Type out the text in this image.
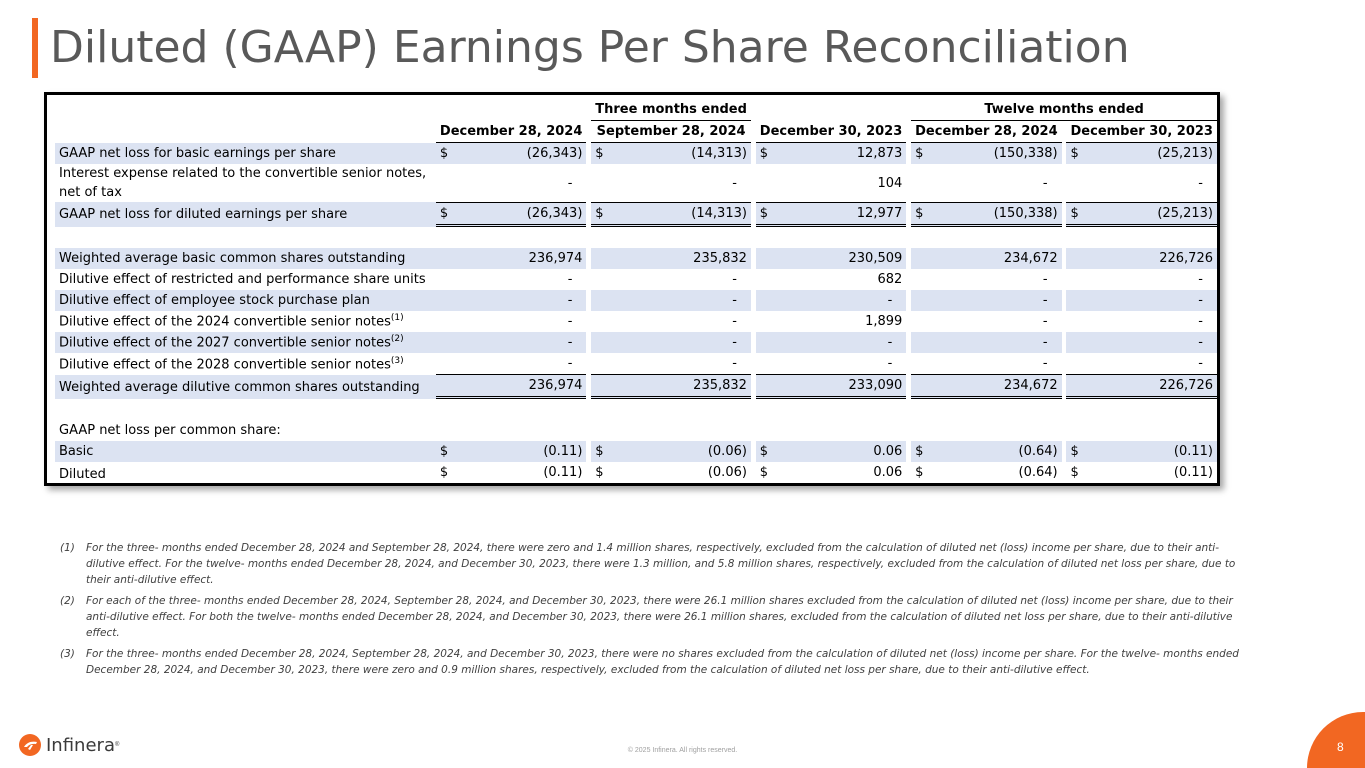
Diluted (GAAP) Earnings Per Share Reconciliation
			Three months ended				Twelve months ended		
	December 28, 2024		September 28, 2024		December 30, 2023		December 28, 2024		December 30, 2023
GAAP net loss for basic earnings per share	$ (26,343)		$ (14,313)		$ 12,873		$ (150,338)		$ (25,213)

Interest expense related to the convertible senior notes, net of tax	-		-		104		-		-

GAAP net loss for diluted earnings per share	$ (26,343)		$ (14,313)		$ 12,977		$ (150,338)		$ (25,213)

Weighted average basic common shares outstanding	236,974		235,832		230,509		234,672		226,726

Dilutive effect of restricted and performance share units	-		-		682		-		-

Dilutive effect of employee stock purchase plan	-		-		-		-		-

Dilutive effect of the 2024 convertible senior notes$^{(1)}$	-		-		1,899		-		-

Dilutive effect of the 2027 convertible senior notes$^{(2)}$	-		-		-		-		-

Dilutive effect of the 2028 convertible senior notes$^{(3)}$	-		-		-		-		-

Weighted average dilutive common shares outstanding	236,974		235,832		233,090		234,672		226,726

GAAP net loss per common share:									
Basic	$ (0.11)		$ (0.06)		$ 0.06		$ (0.64)		$ (0.11)

Diluted	$ (0.11)		$ (0.06)		$ 0.06		$ (0.64)		$ (0.11)
(1)	For the three- months ended December 28, 2024 and September 28, 2024, there were zero and 1.4 million shares, respectively, excluded from the calculation of diluted net (loss) income per share, due to their anti-dilutive effect. For the twelve- months ended December 28, 2024, and December 30, 2023, there were 1.3 million, and 5.8 million shares, respectively, excluded from the calculation of diluted net loss per share, due to their anti-dilutive effect.
(2)	For each of the three- months ended December 28, 2024, September 28, 2024, and December 30, 2023, there were 26.1 million shares excluded from the calculation of diluted net (loss) income per share, due to their anti-dilutive effect. For both the twelve- months ended December 28, 2024, and December 30, 2023, there were 26.1 million shares, excluded from the calculation of diluted net loss per share, due to their anti-dilutive effect.
(3)	For the three- months ended December 28, 2024, September 28, 2024, and December 30, 2023, there were no shares excluded from the calculation of diluted net (loss) income per share. For the twelve- months ended December 28, 2024, and December 30, 2023, there were zero and 0.9 million shares, respectively, excluded from the calculation of diluted net loss per share, due to their anti-dilutive effect.
Infinera ®
© 2025 Infinera. All rights reserved.	8
